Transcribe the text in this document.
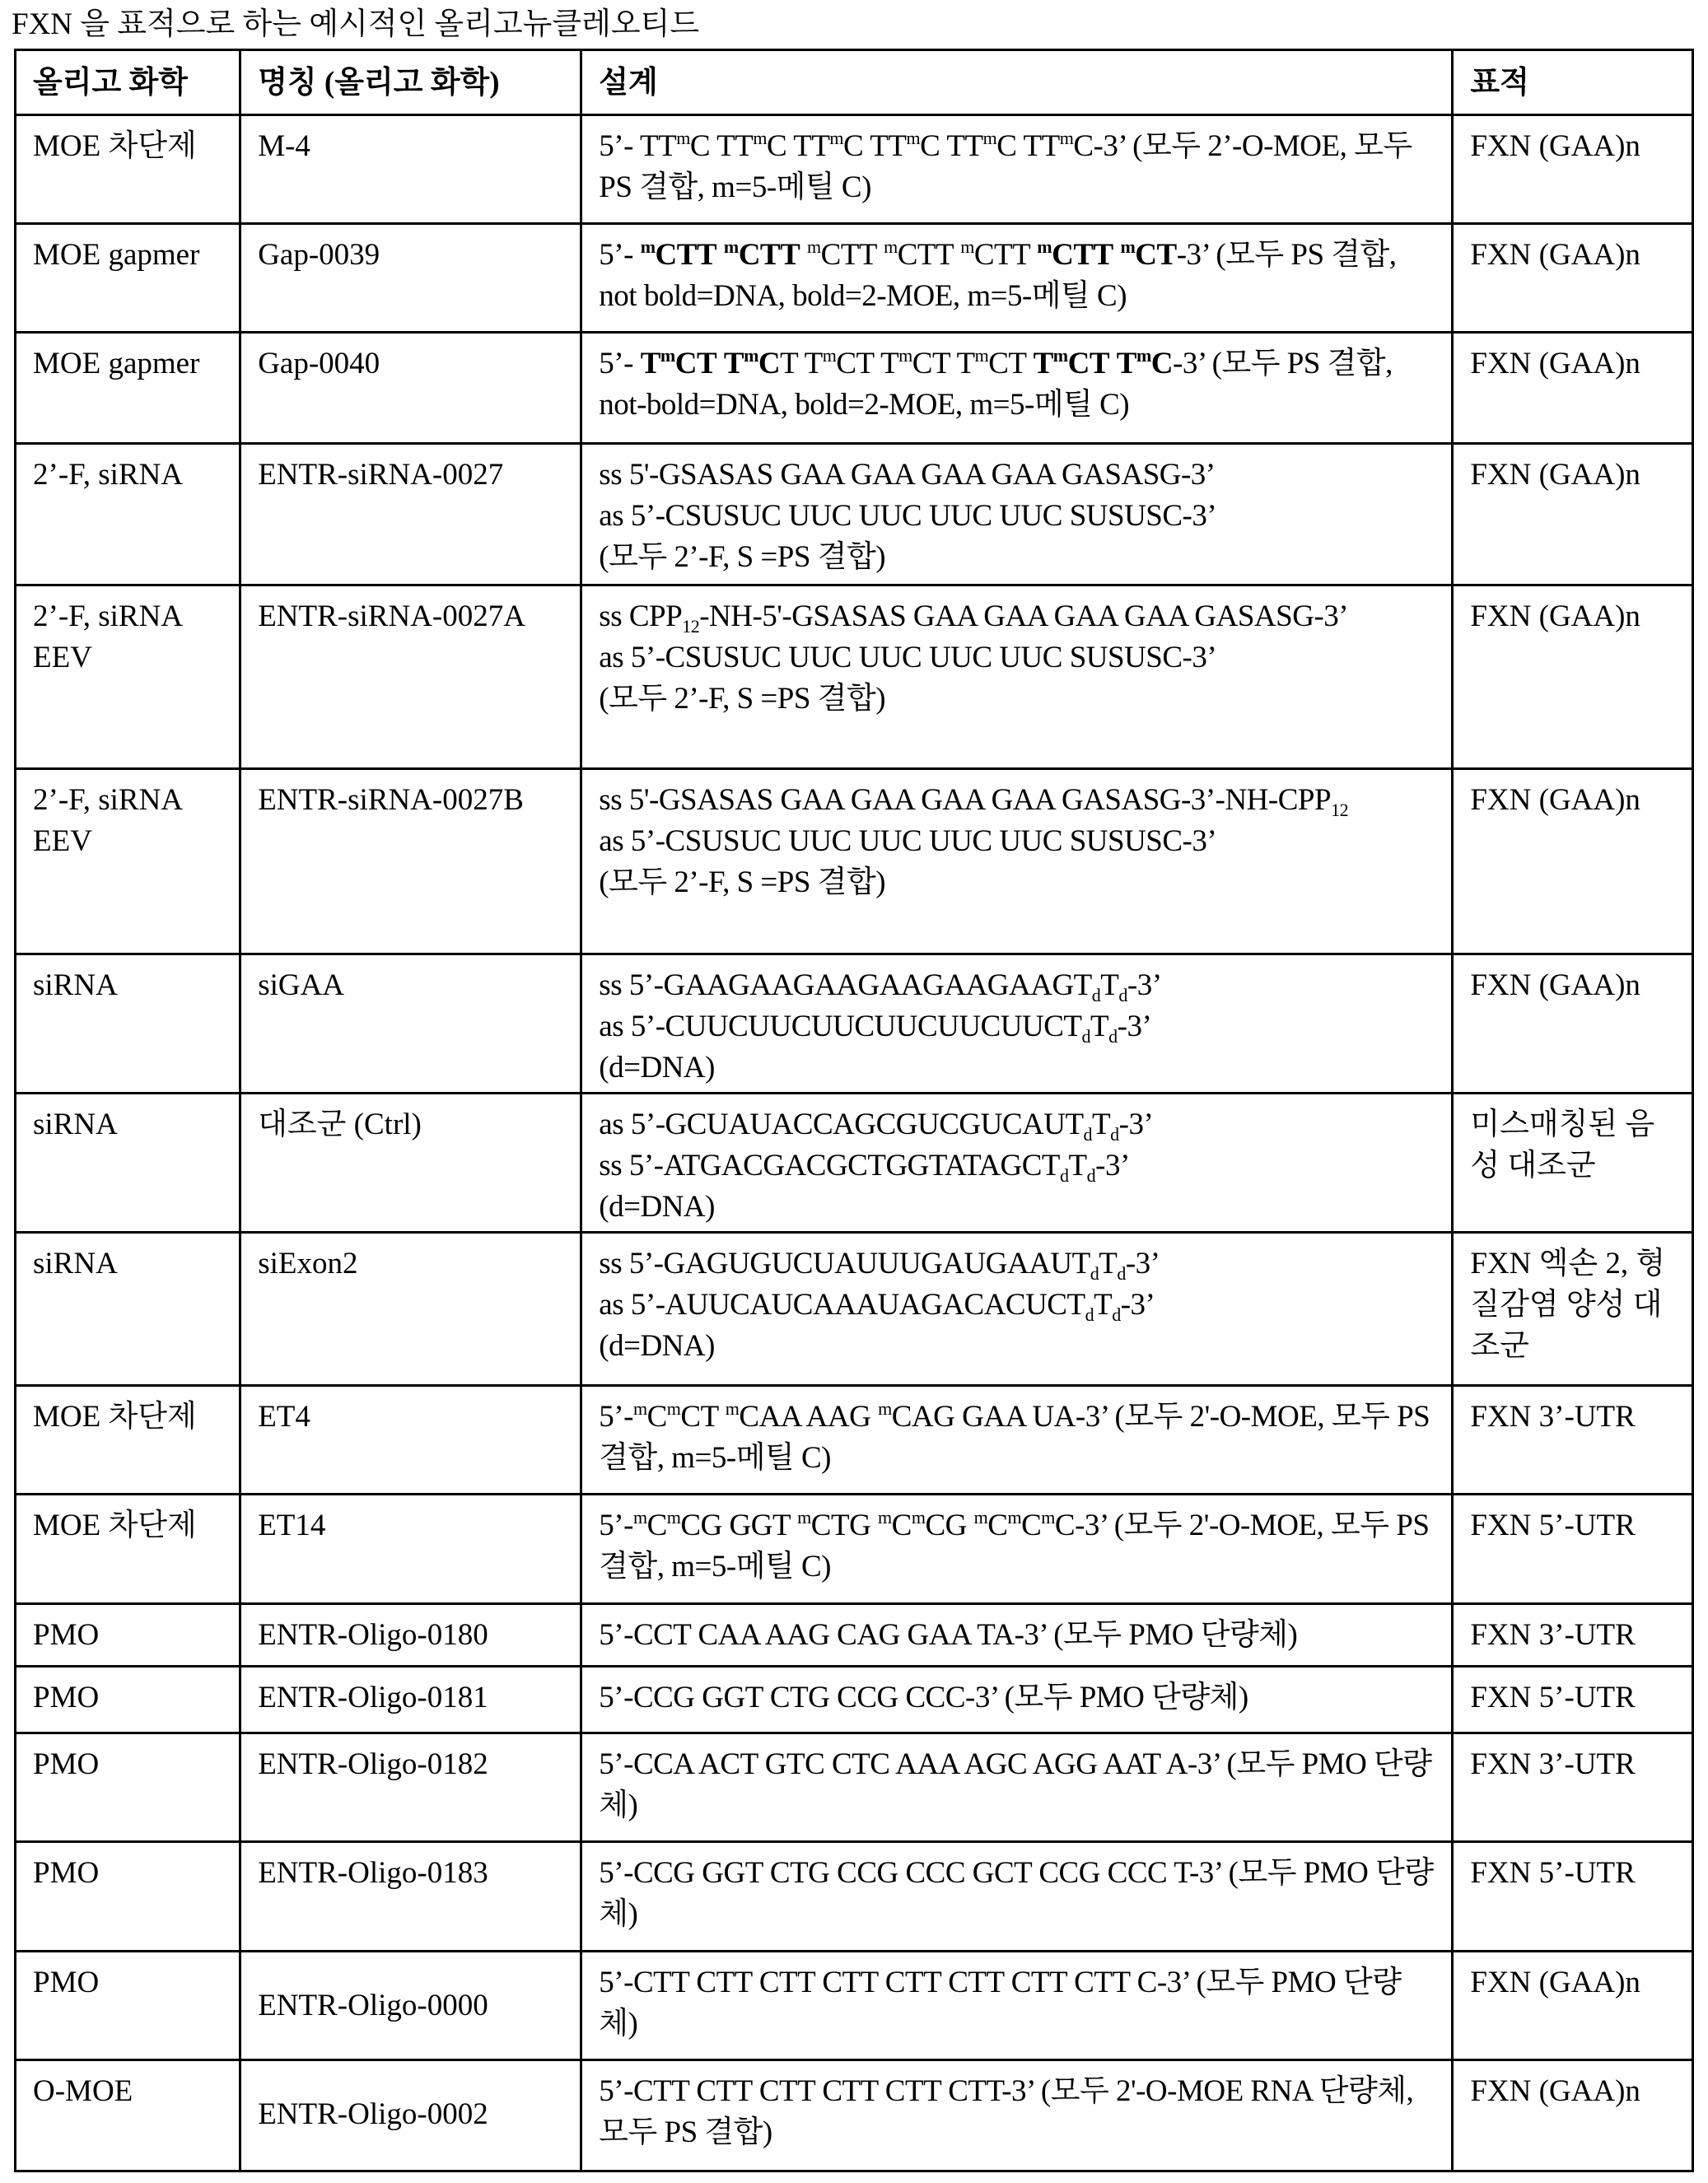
FXN 을 표적으로 하는 예시적인 올리고뉴클레오티드
올리고 화학	명칭 (올리고 화학)	설계	표적
MOE 차단제	M-4	5’- TTmC TTmC TTmC TTmC TTmC TTmC-3’ (모두 2’-O-MOE, 모두 PS 결합, m=5-메틸 C)
	FXN (GAA)n
MOE gapmer	Gap-0039	5’- mCTT mCTT mCTT mCTT mCTT mCTT mCT-3’ (모두 PS 결합, not bold=DNA, bold=2-MOE, m=5-메틸 C)
	FXN (GAA)n
MOE gapmer	Gap-0040	5’- TmCT TmCT TmCT TmCT TmCT TmCT TmC-3’ (모두 PS 결합, not-bold=DNA, bold=2-MOE, m=5-메틸 C)
	FXN (GAA)n
2’-F, siRNA	ENTR-siRNA-0027	ss 5'-GSASAS GAA GAA GAA GAA GASASG-3’
as 5’-CSUSUC UUC UUC UUC UUC SUSUSC-3’
(모두 2’-F, S =PS 결합)
	FXN (GAA)n
2’-F, siRNA EEV	ENTR-siRNA-0027A	ss CPP12-NH-5'-GSASAS GAA GAA GAA GAA GASASG-3’
as 5’-CSUSUC UUC UUC UUC UUC SUSUSC-3’
(모두 2’-F, S =PS 결합)
	FXN (GAA)n
2’-F, siRNA EEV	ENTR-siRNA-0027B	ss 5'-GSASAS GAA GAA GAA GAA GASASG-3’-NH-CPP12
as 5’-CSUSUC UUC UUC UUC UUC SUSUSC-3’
(모두 2’-F, S =PS 결합)
	FXN (GAA)n
siRNA	siGAA	ss 5’-GAAGAAGAAGAAGAAGAAGTdTd-3’
as 5’-CUUCUUCUUCUUCUUCUUCTdTd-3’
(d=DNA)
	FXN (GAA)n
siRNA	대조군 (Ctrl)	as 5’-GCUAUACCAGCGUCGUCAUTdTd-3’
ss 5’-ATGACGACGCTGGTATAGCTdTd-3’
(d=DNA)
	미스매칭된 음성 대조군
siRNA	siExon2	ss 5’-GAGUGUCUAUUUGAUGAAUTdTd-3’
as 5’-AUUCAUCAAAUAGACACUCTdTd-3’
(d=DNA)
	FXN 엑손 2, 형질감염 양성 대조군
MOE 차단제	ET4	5’-mCmCT mCAA AAG mCAG GAA UA-3’ (모두 2'-O-MOE, 모두 PS 결합, m=5-메틸 C)
	FXN 3’-UTR
MOE 차단제	ET14	5’-mCmCG GGT mCTG mCmCG mCmCmC-3’ (모두 2'-O-MOE, 모두 PS 결합, m=5-메틸 C)
	FXN 5’-UTR
PMO	ENTR-Oligo-0180	5’-CCT CAA AAG CAG GAA TA-3’ (모두 PMO 단량체)	FXN 3’-UTR
PMO	ENTR-Oligo-0181	5’-CCG GGT CTG CCG CCC-3’ (모두 PMO 단량체)	FXN 5’-UTR
PMO	ENTR-Oligo-0182	5’-CCA ACT GTC CTC AAA AGC AGG AAT A-3’ (모두 PMO 단량체)
	FXN 3’-UTR
PMO	ENTR-Oligo-0183	5’-CCG GGT CTG CCG CCC GCT CCG CCC T-3’ (모두 PMO 단량체)
	FXN 5’-UTR
PMO	ENTR-Oligo-0000	
5’-CTT CTT CTT CTT CTT CTT CTT CTT C-3’ (모두 PMO 단량체)
	FXN (GAA)n
O-MOE	ENTR-Oligo-0002	
5’-CTT CTT CTT CTT CTT CTT-3’ (모두 2'-O-MOE RNA 단량체, 모두 PS 결합)
	FXN (GAA)n
